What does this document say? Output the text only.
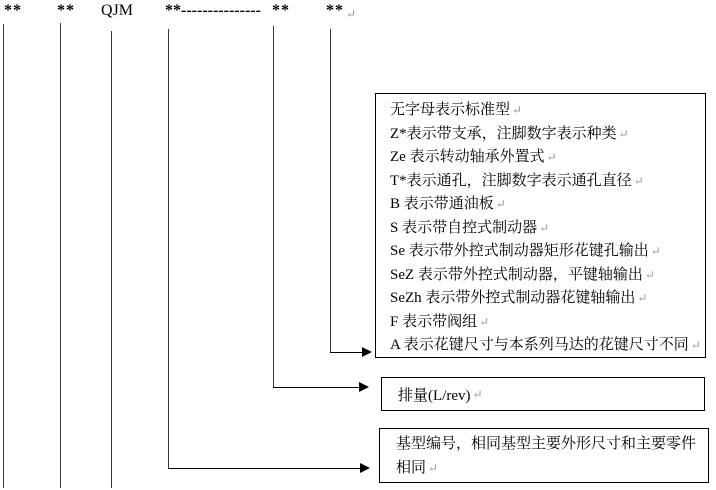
** ** QJM **--------------- ** ** ↵
无字母表示标准型 ↵
Z*表示带支承，注脚数字表示种类 ↵
Ze 表示转动轴承外置式 ↵
T*表示通孔，注脚数字表示通孔直径 ↵
B 表示带通油板 ↵
S 表示带自控式制动器 ↵
Se 表示带外控式制动器矩形花键孔输出 ↵
SeZ 表示带外控式制动器，平键轴输出 ↵
SeZh 表示带外控式制动器花键轴输出 ↵
F 表示带阀组 ↵
A 表示花键尺寸与本系列马达的花键尺寸不同 ↵
排量(L/rev) ↵
基型编号，相同基型主要外形尺寸和主要零件相同 ↵
